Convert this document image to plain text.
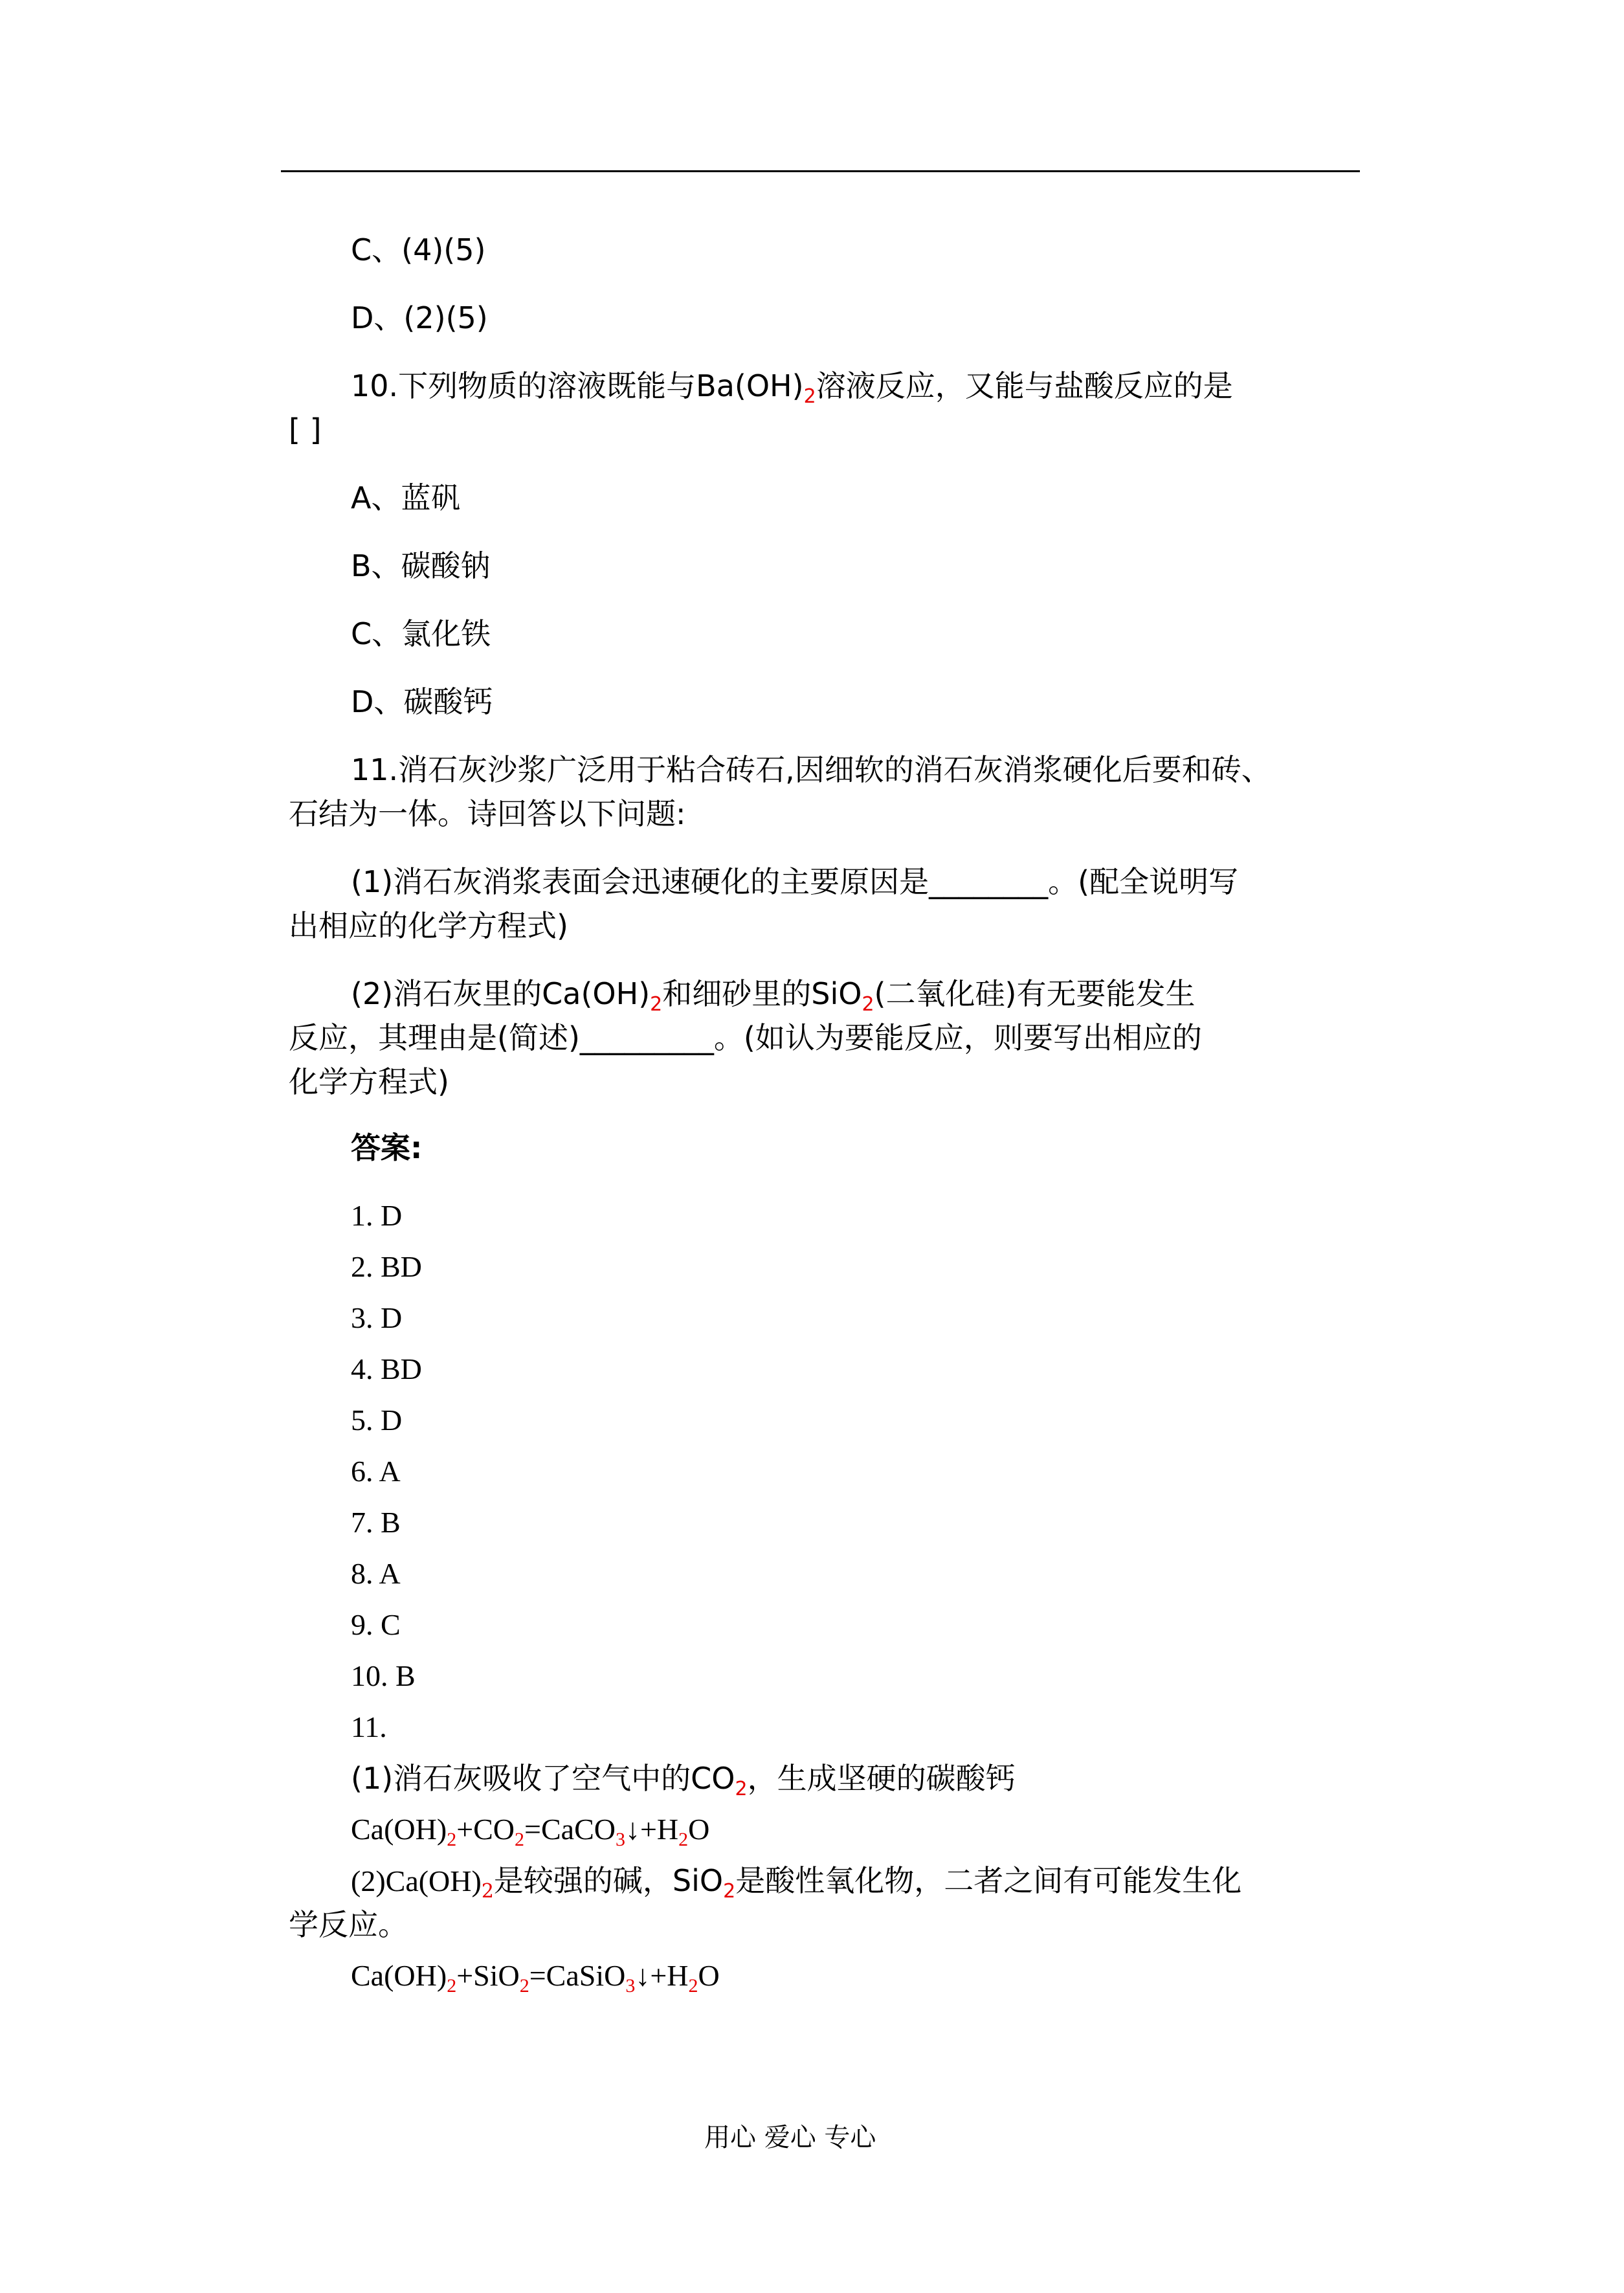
C、(4)(5)
D、(2)(5)
10.下列物质的溶液既能与$Ba(OH)_2$溶液反应，又能与盐酸反应的是
[ ]
A、蓝矾
B、碳酸钠
C、氯化铁
D、碳酸钙
11.消石灰沙浆广泛用于粘合砖石,因细软的消石灰消浆硬化后要和砖、
石结为一体。诗回答以下问题:
(1)消石灰消浆表面会迅速硬化的主要原因是________。(配全说明写
出相应的化学方程式)
(2)消石灰里的$Ca(OH)_2$和细砂里的SiO$_2$(二氧化硅)有无要能发生
反应，其理由是(简述)_________。(如认为要能反应，则要写出相应的
化学方程式)
答案:
1. D
2. BD
3. D
4. BD
5. D
6. A
7. B
8. A
9. C
10. B
11.
(1)消石灰吸收了空气中的$CO_2$，生成坚硬的碳酸钙
$Ca(OH)_2+CO_2=CaCO_3↓+H_2O$
$(2)Ca(OH)_2$是较强的碱，SiO$_2$是酸性氧化物，二者之间有可能发生化
学反应。
$Ca(OH)_2+SiO_2=CaSiO_3↓+H_2O$
用心 爱心 专心
